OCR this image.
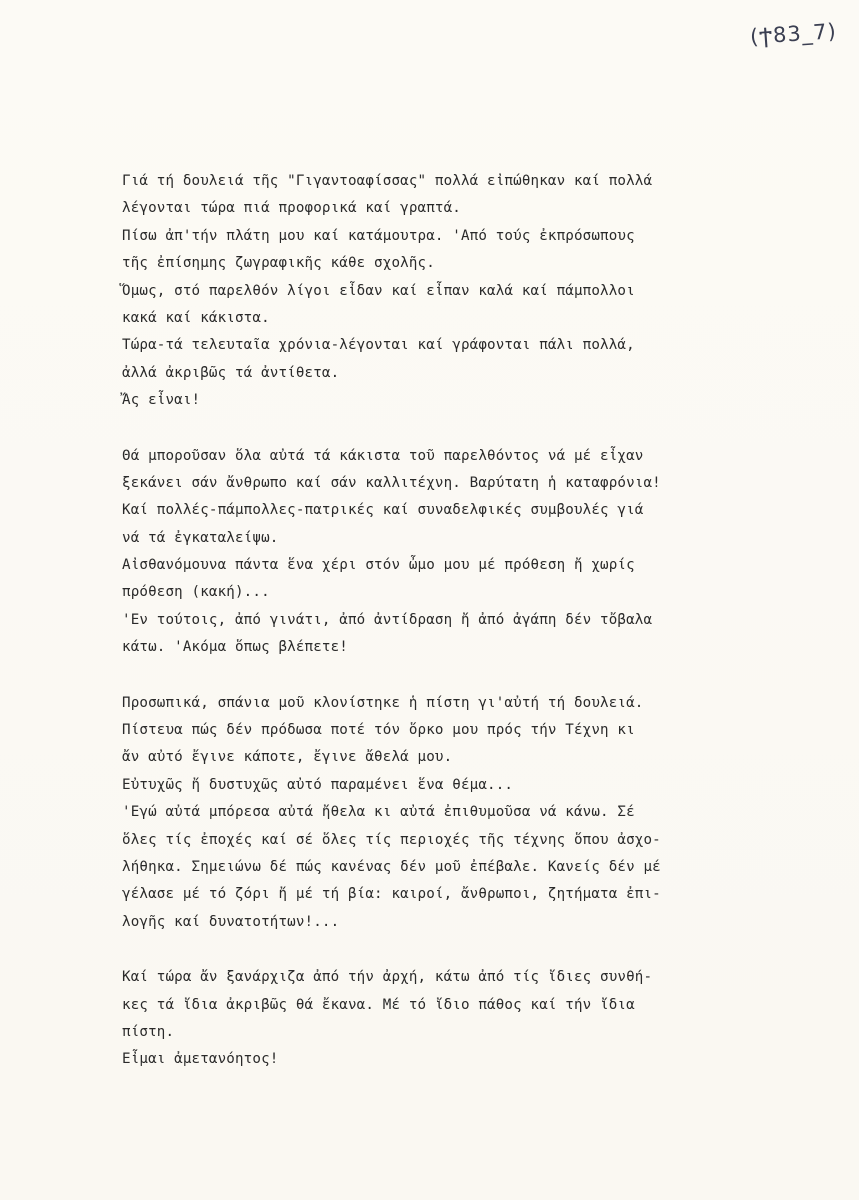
(Ϯ83_7)
Γιά τή δουλειά τῆς "Γιγαντοαφίσσας" πολλά εἰπώθηκαν καί πολλά
λέγονται τώρα πιά προφορικά καί γραπτά.
Πίσω ἀπ'τήν πλάτη μου καί κατάμουτρα. 'Από τούς ἐκπρόσωπους
τῆς ἐπίσημης ζωγραφικῆς κάθε σχολῆς.
Ὅμως, στό παρελθόν λίγοι εἶδαν καί εἶπαν καλά καί πάμπολλοι
κακά καί κάκιστα.
Τώρα-τά τελευταῖα χρόνια-λέγονται καί γράφονται πάλι πολλά,
ἀλλά ἀκριβῶς τά ἀντίθετα.
Ἄς εἶναι!
Θά μποροῦσαν ὅλα αὐτά τά κάκιστα τοῦ παρελθόντος νά μέ εἶχαν
ξεκάνει σάν ἄνθρωπο καί σάν καλλιτέχνη. Βαρύτατη ἡ καταφρόνια!
Καί πολλές-πάμπολλες-πατρικές καί συναδελφικές συμβουλές γιά
νά τά ἐγκαταλείψω.
Αἰσθανόμουνα πάντα ἕνα χέρι στόν ὦμο μου μέ πρόθεση ἤ χωρίς
πρόθεση (κακή)...
'Εν τούτοις, ἀπό γινάτι, ἀπό ἀντίδραση ἤ ἀπό ἀγάπη δέν τὄβαλα
κάτω. 'Ακόμα ὅπως βλέπετε!
Προσωπικά, σπάνια μοῦ κλονίστηκε ἡ πίστη γι'αὐτή τή δουλειά.
Πίστευα πώς δέν πρόδωσα ποτέ τόν ὅρκο μου πρός τήν Τέχνη κι
ἄν αὐτό ἔγινε κάποτε, ἔγινε ἄθελά μου.
Εὐτυχῶς ἤ δυστυχῶς αὐτό παραμένει ἕνα θέμα...
'Εγώ αὐτά μπόρεσα αὐτά ἤθελα κι αὐτά ἐπιθυμοῦσα νά κάνω. Σέ
ὅλες τίς ἐποχές καί σέ ὅλες τίς περιοχές τῆς τέχνης ὅπου ἀσχο-
λήθηκα. Σημειώνω δέ πώς κανένας δέν μοῦ ἐπέβαλε. Κανείς δέν μέ
γέλασε μέ τό ζόρι ἤ μέ τή βία: καιροί, ἄνθρωποι, ζητήματα ἐπι-
λογῆς καί δυνατοτήτων!...
Καί τώρα ἄν ξανάρχιζα ἀπό τήν ἀρχή, κάτω ἀπό τίς ἴδιες συνθή-
κες τά ἴδια ἀκριβῶς θά ἔκανα. Μέ τό ἴδιο πάθος καί τήν ἴδια
πίστη.
Εἶμαι ἀμετανόητος!
